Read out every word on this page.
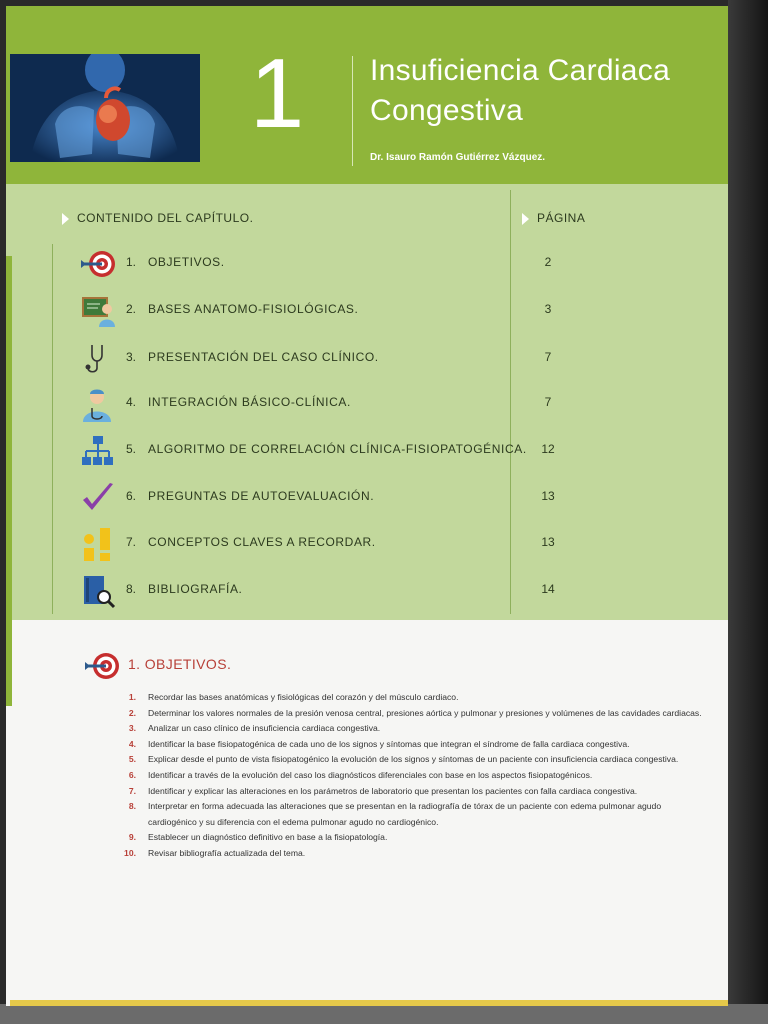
1 Insuficiencia Cardiaca
Congestiva
Dr. Isauro Ramón Gutiérrez Vázquez.
CONTENIDO DEL CAPÍTULO.	PÁGINA
1. OBJETIVOS.	2
2. BASES ANATOMO-FISIOLÓGICAS.	3
3. PRESENTACIÓN DEL CASO CLÍNICO.	7
4. INTEGRACIÓN BÁSICO-CLÍNICA.	7
5. ALGORITMO DE CORRELACIÓN CLÍNICA-FISIOPATOGÉNICA.	12
6. PREGUNTAS DE AUTOEVALUACIÓN.	13
7. CONCEPTOS CLAVES A RECORDAR.	13
8. BIBLIOGRAFÍA.	14
1. OBJETIVOS.
1. Recordar las bases anatómicas y fisiológicas del corazón y del músculo cardiaco.
2. Determinar los valores normales de la presión venosa central, presiones aórtica y pulmonar y presiones y volúmenes de las cavidades cardiacas.
3. Analizar un caso clínico de insuficiencia cardiaca congestiva.
4. Identificar la base fisiopatogénica de cada uno de los signos y síntomas que integran el síndrome de falla cardiaca congestiva.
5. Explicar desde el punto de vista fisiopatogénico la evolución de los signos y síntomas de un paciente con insuficiencia cardiaca congestiva.
6. Identificar a través de la evolución del caso los diagnósticos diferenciales con base en los aspectos fisiopatogénicos.
7. Identificar y explicar las alteraciones en los parámetros de laboratorio que presentan los pacientes con falla cardiaca congestiva.
8. Interpretar en forma adecuada las alteraciones que se presentan en la radiografía de tórax de un paciente con edema pulmonar agudo cardiogénico y su diferencia con el edema pulmonar agudo no cardiogénico.
9. Establecer un diagnóstico definitivo en base a la fisiopatología.
10. Revisar bibliografía actualizada del tema.
